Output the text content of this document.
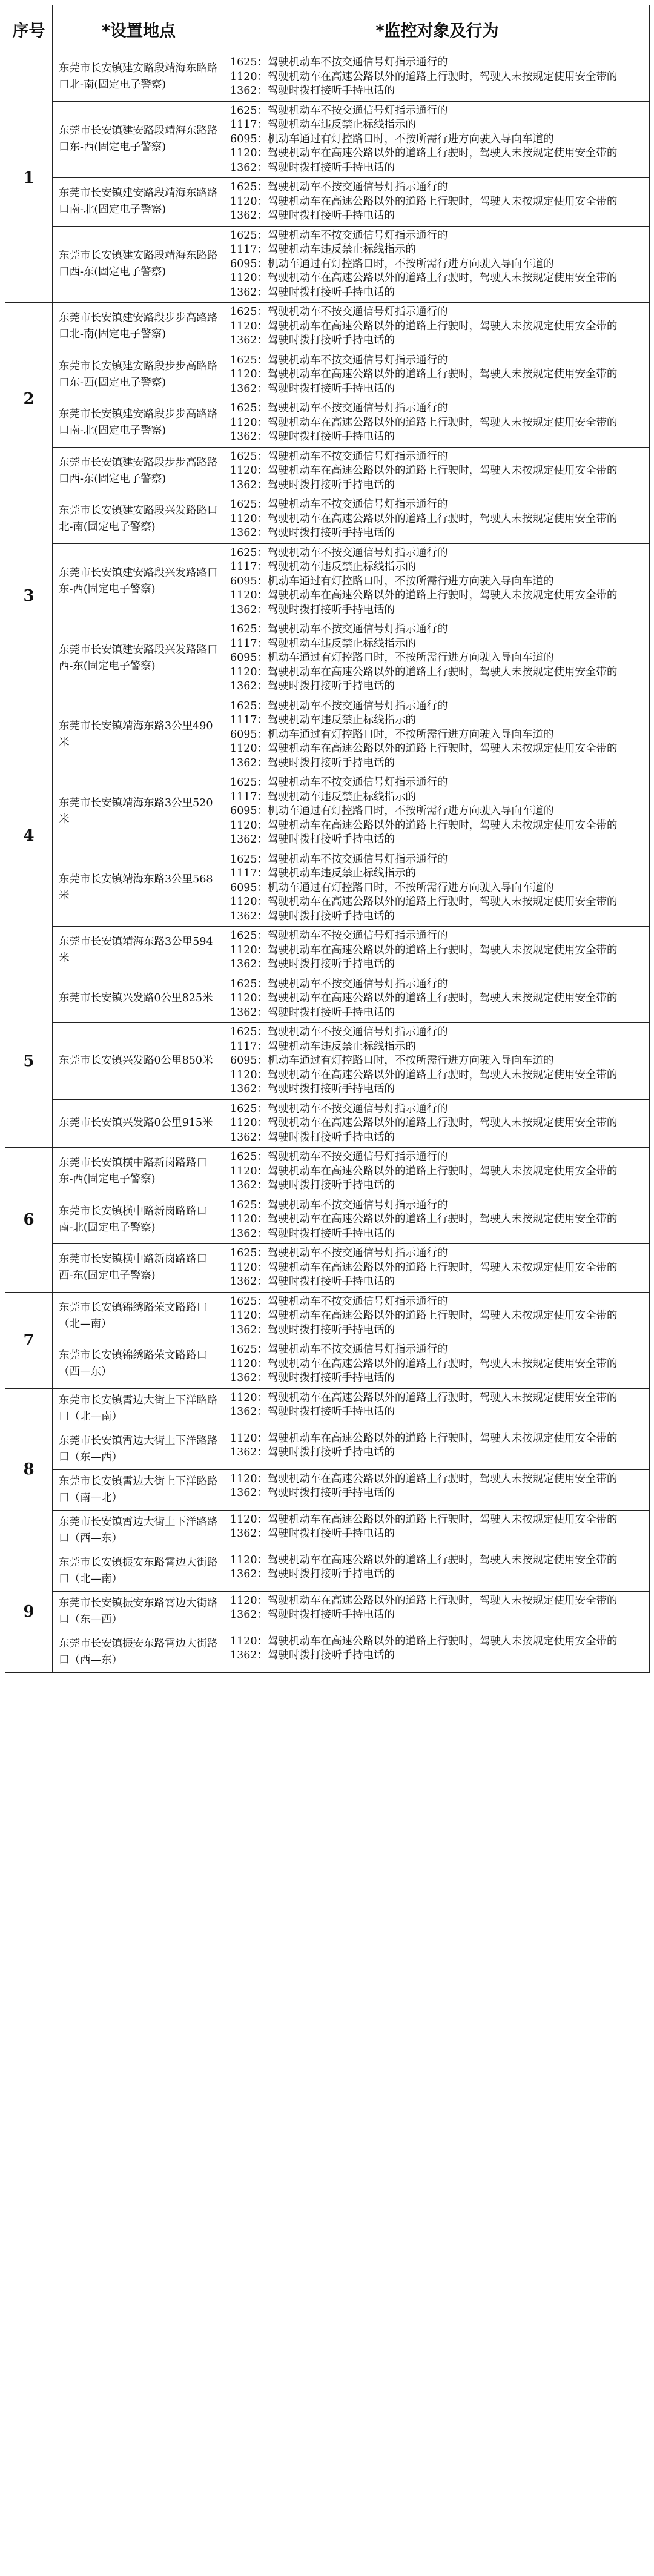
序号	*设置地点	*监控对象及行为
1	东莞市长安镇建安路段靖海东路路口北-南(固定电子警察)	1625：驾驶机动车不按交通信号灯指示通行的
1120：驾驶机动车在高速公路以外的道路上行驶时，驾驶人未按规定使用安全带的
1362：驾驶时拨打接听手持电话的

	东莞市长安镇建安路段靖海东路路口东-西(固定电子警察)	1625：驾驶机动车不按交通信号灯指示通行的
1117：驾驶机动车违反禁止标线指示的
6095：机动车通过有灯控路口时，不按所需行进方向驶入导向车道的
1120：驾驶机动车在高速公路以外的道路上行驶时，驾驶人未按规定使用安全带的
1362：驾驶时拨打接听手持电话的

	东莞市长安镇建安路段靖海东路路口南-北(固定电子警察)	1625：驾驶机动车不按交通信号灯指示通行的
1120：驾驶机动车在高速公路以外的道路上行驶时，驾驶人未按规定使用安全带的
1362：驾驶时拨打接听手持电话的

	东莞市长安镇建安路段靖海东路路口西-东(固定电子警察)	1625：驾驶机动车不按交通信号灯指示通行的
1117：驾驶机动车违反禁止标线指示的
6095：机动车通过有灯控路口时，不按所需行进方向驶入导向车道的
1120：驾驶机动车在高速公路以外的道路上行驶时，驾驶人未按规定使用安全带的
1362：驾驶时拨打接听手持电话的

2	东莞市长安镇建安路段步步高路路口北-南(固定电子警察)	1625：驾驶机动车不按交通信号灯指示通行的
1120：驾驶机动车在高速公路以外的道路上行驶时，驾驶人未按规定使用安全带的
1362：驾驶时拨打接听手持电话的

	东莞市长安镇建安路段步步高路路口东-西(固定电子警察)	1625：驾驶机动车不按交通信号灯指示通行的
1120：驾驶机动车在高速公路以外的道路上行驶时，驾驶人未按规定使用安全带的
1362：驾驶时拨打接听手持电话的

	东莞市长安镇建安路段步步高路路口南-北(固定电子警察)	1625：驾驶机动车不按交通信号灯指示通行的
1120：驾驶机动车在高速公路以外的道路上行驶时，驾驶人未按规定使用安全带的
1362：驾驶时拨打接听手持电话的

	东莞市长安镇建安路段步步高路路口西-东(固定电子警察)	1625：驾驶机动车不按交通信号灯指示通行的
1120：驾驶机动车在高速公路以外的道路上行驶时，驾驶人未按规定使用安全带的
1362：驾驶时拨打接听手持电话的

3	东莞市长安镇建安路段兴发路路口北-南(固定电子警察)	1625：驾驶机动车不按交通信号灯指示通行的
1120：驾驶机动车在高速公路以外的道路上行驶时，驾驶人未按规定使用安全带的
1362：驾驶时拨打接听手持电话的

	东莞市长安镇建安路段兴发路路口东-西(固定电子警察)	1625：驾驶机动车不按交通信号灯指示通行的
1117：驾驶机动车违反禁止标线指示的
6095：机动车通过有灯控路口时，不按所需行进方向驶入导向车道的
1120：驾驶机动车在高速公路以外的道路上行驶时，驾驶人未按规定使用安全带的
1362：驾驶时拨打接听手持电话的

	东莞市长安镇建安路段兴发路路口西-东(固定电子警察)	1625：驾驶机动车不按交通信号灯指示通行的
1117：驾驶机动车违反禁止标线指示的
6095：机动车通过有灯控路口时，不按所需行进方向驶入导向车道的
1120：驾驶机动车在高速公路以外的道路上行驶时，驾驶人未按规定使用安全带的
1362：驾驶时拨打接听手持电话的

4	东莞市长安镇靖海东路3公里490米	1625：驾驶机动车不按交通信号灯指示通行的
1117：驾驶机动车违反禁止标线指示的
6095：机动车通过有灯控路口时，不按所需行进方向驶入导向车道的
1120：驾驶机动车在高速公路以外的道路上行驶时，驾驶人未按规定使用安全带的
1362：驾驶时拨打接听手持电话的

	东莞市长安镇靖海东路3公里520米	1625：驾驶机动车不按交通信号灯指示通行的
1117：驾驶机动车违反禁止标线指示的
6095：机动车通过有灯控路口时，不按所需行进方向驶入导向车道的
1120：驾驶机动车在高速公路以外的道路上行驶时，驾驶人未按规定使用安全带的
1362：驾驶时拨打接听手持电话的

	东莞市长安镇靖海东路3公里568米	1625：驾驶机动车不按交通信号灯指示通行的
1117：驾驶机动车违反禁止标线指示的
6095：机动车通过有灯控路口时，不按所需行进方向驶入导向车道的
1120：驾驶机动车在高速公路以外的道路上行驶时，驾驶人未按规定使用安全带的
1362：驾驶时拨打接听手持电话的

	东莞市长安镇靖海东路3公里594米	1625：驾驶机动车不按交通信号灯指示通行的
1120：驾驶机动车在高速公路以外的道路上行驶时，驾驶人未按规定使用安全带的
1362：驾驶时拨打接听手持电话的

5	东莞市长安镇兴发路0公里825米	1625：驾驶机动车不按交通信号灯指示通行的
1120：驾驶机动车在高速公路以外的道路上行驶时，驾驶人未按规定使用安全带的
1362：驾驶时拨打接听手持电话的

	东莞市长安镇兴发路0公里850米	1625：驾驶机动车不按交通信号灯指示通行的
1117：驾驶机动车违反禁止标线指示的
6095：机动车通过有灯控路口时，不按所需行进方向驶入导向车道的
1120：驾驶机动车在高速公路以外的道路上行驶时，驾驶人未按规定使用安全带的
1362：驾驶时拨打接听手持电话的

	东莞市长安镇兴发路0公里915米	1625：驾驶机动车不按交通信号灯指示通行的
1120：驾驶机动车在高速公路以外的道路上行驶时，驾驶人未按规定使用安全带的
1362：驾驶时拨打接听手持电话的

6	东莞市长安镇横中路新岗路路口东-西(固定电子警察)	1625：驾驶机动车不按交通信号灯指示通行的
1120：驾驶机动车在高速公路以外的道路上行驶时，驾驶人未按规定使用安全带的
1362：驾驶时拨打接听手持电话的

	东莞市长安镇横中路新岗路路口南-北(固定电子警察)	1625：驾驶机动车不按交通信号灯指示通行的
1120：驾驶机动车在高速公路以外的道路上行驶时，驾驶人未按规定使用安全带的
1362：驾驶时拨打接听手持电话的

	东莞市长安镇横中路新岗路路口西-东(固定电子警察)	1625：驾驶机动车不按交通信号灯指示通行的
1120：驾驶机动车在高速公路以外的道路上行驶时，驾驶人未按规定使用安全带的
1362：驾驶时拨打接听手持电话的

7	东莞市长安镇锦绣路荣文路路口（北—南）	1625：驾驶机动车不按交通信号灯指示通行的
1120：驾驶机动车在高速公路以外的道路上行驶时，驾驶人未按规定使用安全带的
1362：驾驶时拨打接听手持电话的

	东莞市长安镇锦绣路荣文路路口（西—东）	1625：驾驶机动车不按交通信号灯指示通行的
1120：驾驶机动车在高速公路以外的道路上行驶时，驾驶人未按规定使用安全带的
1362：驾驶时拨打接听手持电话的

8	东莞市长安镇霄边大街上下洋路路口（北—南）	1120：驾驶机动车在高速公路以外的道路上行驶时，驾驶人未按规定使用安全带的
1362：驾驶时拨打接听手持电话的

	东莞市长安镇霄边大街上下洋路路口（东—西）	1120：驾驶机动车在高速公路以外的道路上行驶时，驾驶人未按规定使用安全带的
1362：驾驶时拨打接听手持电话的

	东莞市长安镇霄边大街上下洋路路口（南—北）	1120：驾驶机动车在高速公路以外的道路上行驶时，驾驶人未按规定使用安全带的
1362：驾驶时拨打接听手持电话的

	东莞市长安镇霄边大街上下洋路路口（西—东）	1120：驾驶机动车在高速公路以外的道路上行驶时，驾驶人未按规定使用安全带的
1362：驾驶时拨打接听手持电话的

9	东莞市长安镇振安东路霄边大街路口（北—南）	1120：驾驶机动车在高速公路以外的道路上行驶时，驾驶人未按规定使用安全带的
1362：驾驶时拨打接听手持电话的

	东莞市长安镇振安东路霄边大街路口（东—西）	1120：驾驶机动车在高速公路以外的道路上行驶时，驾驶人未按规定使用安全带的
1362：驾驶时拨打接听手持电话的

	东莞市长安镇振安东路霄边大街路口（西—东）	1120：驾驶机动车在高速公路以外的道路上行驶时，驾驶人未按规定使用安全带的
1362：驾驶时拨打接听手持电话的
